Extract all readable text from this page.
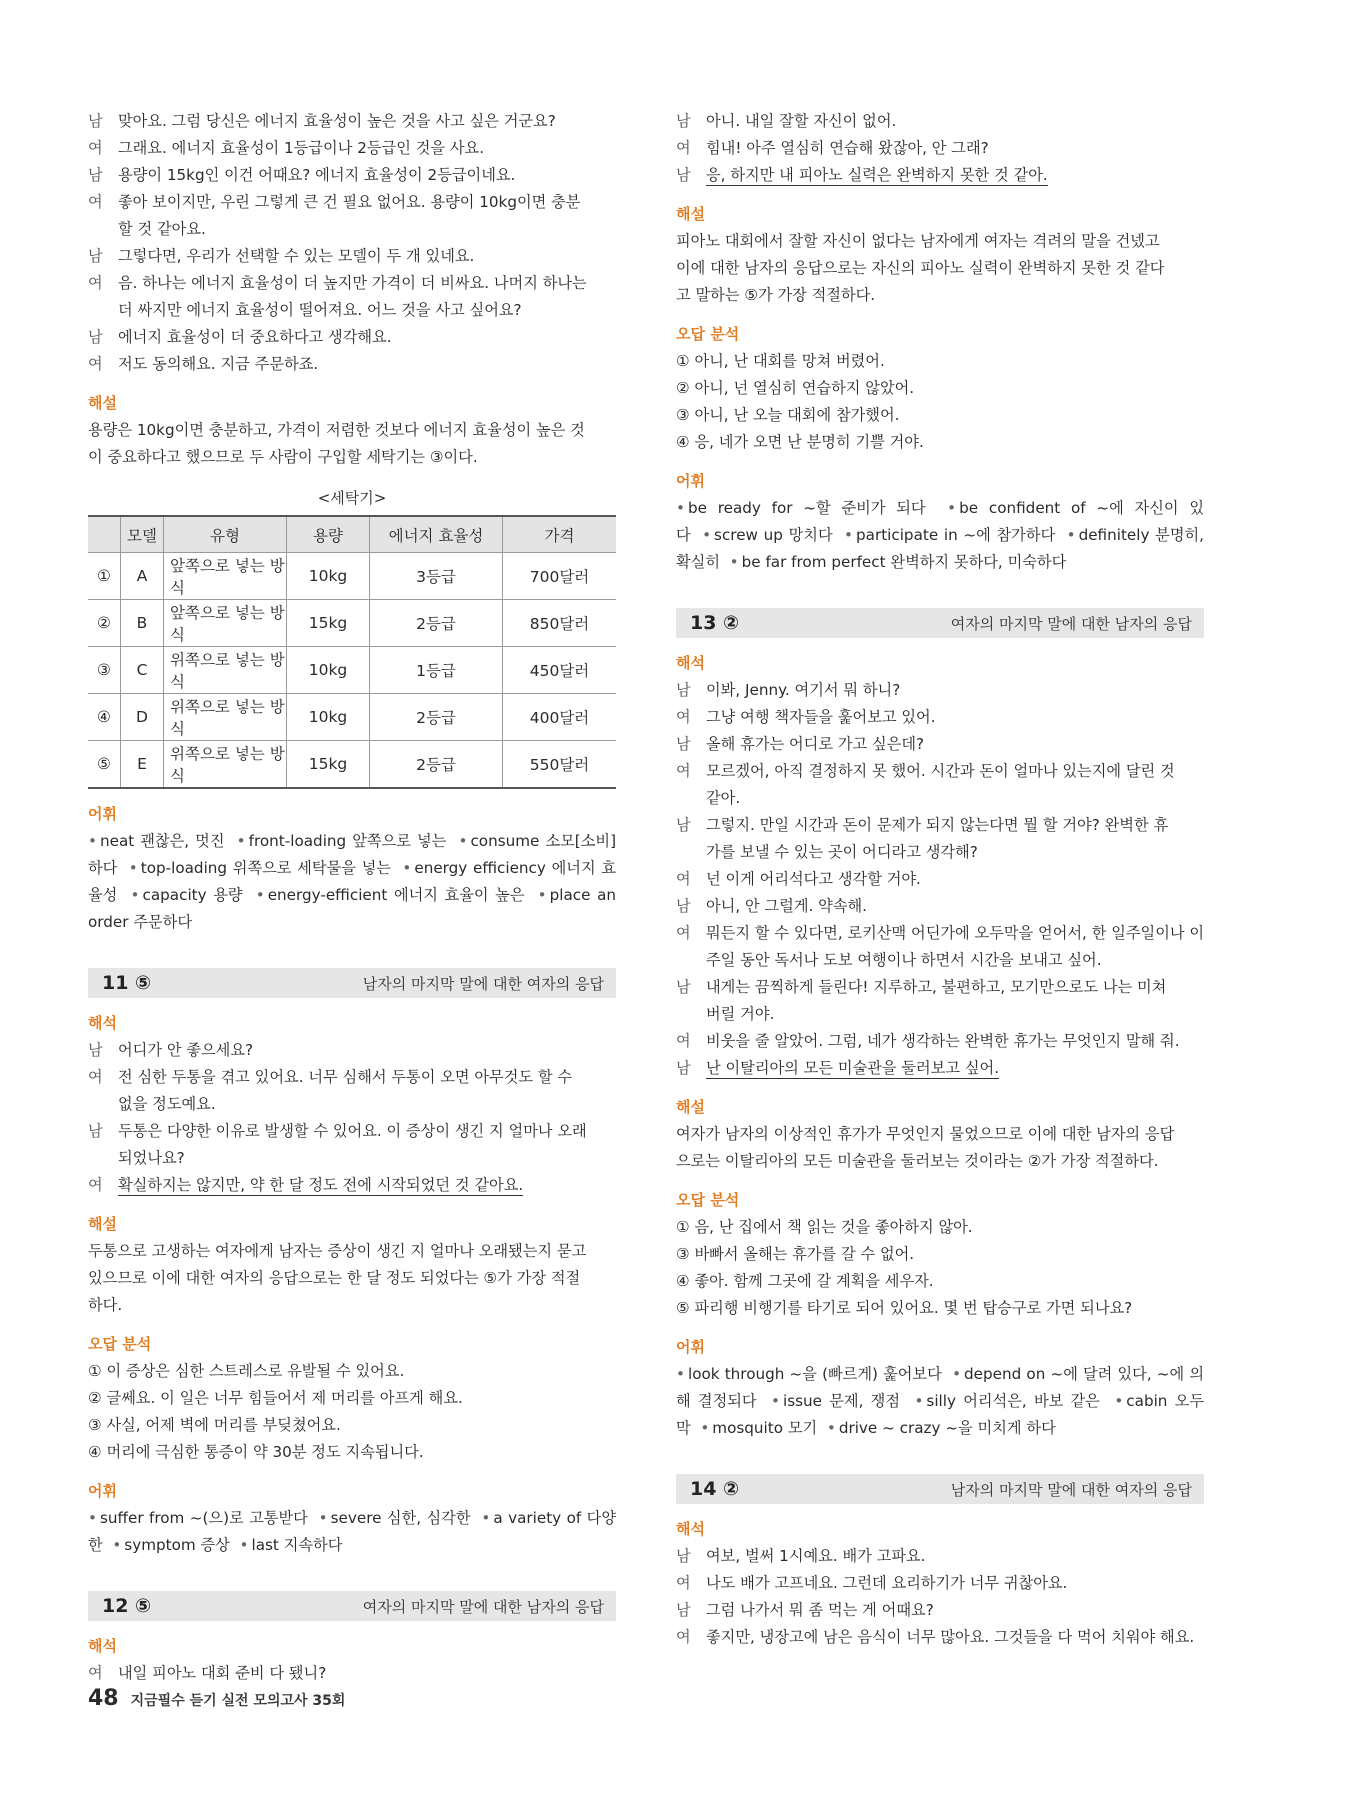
남	맞아요. 그럼 당신은 에너지 효율성이 높은 것을 사고 싶은 거군요?
여	그래요. 에너지 효율성이 1등급이나 2등급인 것을 사요.
남	용량이 15kg인 이건 어때요? 에너지 효율성이 2등급이네요.
여	좋아 보이지만, 우린 그렇게 큰 건 필요 없어요. 용량이 10kg이면 충분
할 것 같아요.
남	그렇다면, 우리가 선택할 수 있는 모델이 두 개 있네요.
여	음. 하나는 에너지 효율성이 더 높지만 가격이 더 비싸요. 나머지 하나는
더 싸지만 에너지 효율성이 떨어져요. 어느 것을 사고 싶어요?
남	에너지 효율성이 더 중요하다고 생각해요.
여	저도 동의해요. 지금 주문하죠.
해설
용량은 10kg이면 충분하고, 가격이 저렴한 것보다 에너지 효율성이 높은 것
이 중요하다고 했으므로 두 사람이 구입할 세탁기는 ③이다.
<세탁기>
	모델	유형	용량	에너지 효율성	가격
①	A	앞쪽으로 넣는 방식	10kg	3등급	700달러
②	B	앞쪽으로 넣는 방식	15kg	2등급	850달러
③	C	위쪽으로 넣는 방식	10kg	1등급	450달러
④	D	위쪽으로 넣는 방식	10kg	2등급	400달러
⑤	E	위쪽으로 넣는 방식	15kg	2등급	550달러
어휘
• neat 괜찮은, 멋진 • front-loading 앞쪽으로 넣는 • consume 소모[소비]하다 • top-loading 위쪽으로 세탁물을 넣는 • energy efficiency 에너지 효율성 • capacity 용량 • energy-efficient 에너지 효율이 높은 • place an order 주문하다
11 ⑤	남자의 마지막 말에 대한 여자의 응답
해석
남	어디가 안 좋으세요?
여	전 심한 두통을 겪고 있어요. 너무 심해서 두통이 오면 아무것도 할 수
없을 정도예요.
남	두통은 다양한 이유로 발생할 수 있어요. 이 증상이 생긴 지 얼마나 오래
되었나요?
여	확실하지는 않지만, 약 한 달 정도 전에 시작되었던 것 같아요.
해설
두통으로 고생하는 여자에게 남자는 증상이 생긴 지 얼마나 오래됐는지 묻고
있으므로 이에 대한 여자의 응답으로는 한 달 정도 되었다는 ⑤가 가장 적절
하다.
오답 분석
① 이 증상은 심한 스트레스로 유발될 수 있어요.
② 글쎄요. 이 일은 너무 힘들어서 제 머리를 아프게 해요.
③ 사실, 어제 벽에 머리를 부딪쳤어요.
④ 머리에 극심한 통증이 약 30분 정도 지속됩니다.
어휘
• suffer from ~(으)로 고통받다 • severe 심한, 심각한 • a variety of 다양한 • symptom 증상 • last 지속하다
12 ⑤	여자의 마지막 말에 대한 남자의 응답
해석
여	내일 피아노 대회 준비 다 됐니?
남	아니. 내일 잘할 자신이 없어.
여	힘내! 아주 열심히 연습해 왔잖아, 안 그래?
남	응, 하지만 내 피아노 실력은 완벽하지 못한 것 같아.
해설
피아노 대회에서 잘할 자신이 없다는 남자에게 여자는 격려의 말을 건넸고
이에 대한 남자의 응답으로는 자신의 피아노 실력이 완벽하지 못한 것 같다
고 말하는 ⑤가 가장 적절하다.
오답 분석
① 아니, 난 대회를 망쳐 버렸어.
② 아니, 넌 열심히 연습하지 않았어.
③ 아니, 난 오늘 대회에 참가했어.
④ 응, 네가 오면 난 분명히 기쁠 거야.
어휘
• be ready for ~할 준비가 되다 • be confident of ~에 자신이 있다 • screw up 망치다 • participate in ~에 참가하다 • definitely 분명히, 확실히 • be far from perfect 완벽하지 못하다, 미숙하다
13 ②	여자의 마지막 말에 대한 남자의 응답
해석
남	이봐, Jenny. 여기서 뭐 하니?
여	그냥 여행 책자들을 훑어보고 있어.
남	올해 휴가는 어디로 가고 싶은데?
여	모르겠어, 아직 결정하지 못 했어. 시간과 돈이 얼마나 있는지에 달린 것
같아.
남	그렇지. 만일 시간과 돈이 문제가 되지 않는다면 뭘 할 거야? 완벽한 휴
가를 보낼 수 있는 곳이 어디라고 생각해?
여	넌 이게 어리석다고 생각할 거야.
남	아니, 안 그럴게. 약속해.
여	뭐든지 할 수 있다면, 로키산맥 어딘가에 오두막을 얻어서, 한 일주일이나 이
주일 동안 독서나 도보 여행이나 하면서 시간을 보내고 싶어.
남	내게는 끔찍하게 들린다! 지루하고, 불편하고, 모기만으로도 나는 미쳐
버릴 거야.
여	비웃을 줄 알았어. 그럼, 네가 생각하는 완벽한 휴가는 무엇인지 말해 줘.
남	난 이탈리아의 모든 미술관을 둘러보고 싶어.
해설
여자가 남자의 이상적인 휴가가 무엇인지 물었으므로 이에 대한 남자의 응답
으로는 이탈리아의 모든 미술관을 둘러보는 것이라는 ②가 가장 적절하다.
오답 분석
① 음, 난 집에서 책 읽는 것을 좋아하지 않아.
③ 바빠서 올해는 휴가를 갈 수 없어.
④ 좋아. 함께 그곳에 갈 계획을 세우자.
⑤ 파리행 비행기를 타기로 되어 있어요. 몇 번 탑승구로 가면 되나요?
어휘
• look through ~을 (빠르게) 훑어보다 • depend on ~에 달려 있다, ~에 의해 결정되다 • issue 문제, 쟁점 • silly 어리석은, 바보 같은 • cabin 오두막 • mosquito 모기 • drive ~ crazy ~을 미치게 하다
14 ②	남자의 마지막 말에 대한 여자의 응답
해석
남	여보, 벌써 1시예요. 배가 고파요.
여	나도 배가 고프네요. 그런데 요리하기가 너무 귀찮아요.
남	그럼 나가서 뭐 좀 먹는 게 어때요?
여	좋지만, 냉장고에 남은 음식이 너무 많아요. 그것들을 다 먹어 치워야 해요.
48 지금필수 듣기 실전 모의고사 35회
